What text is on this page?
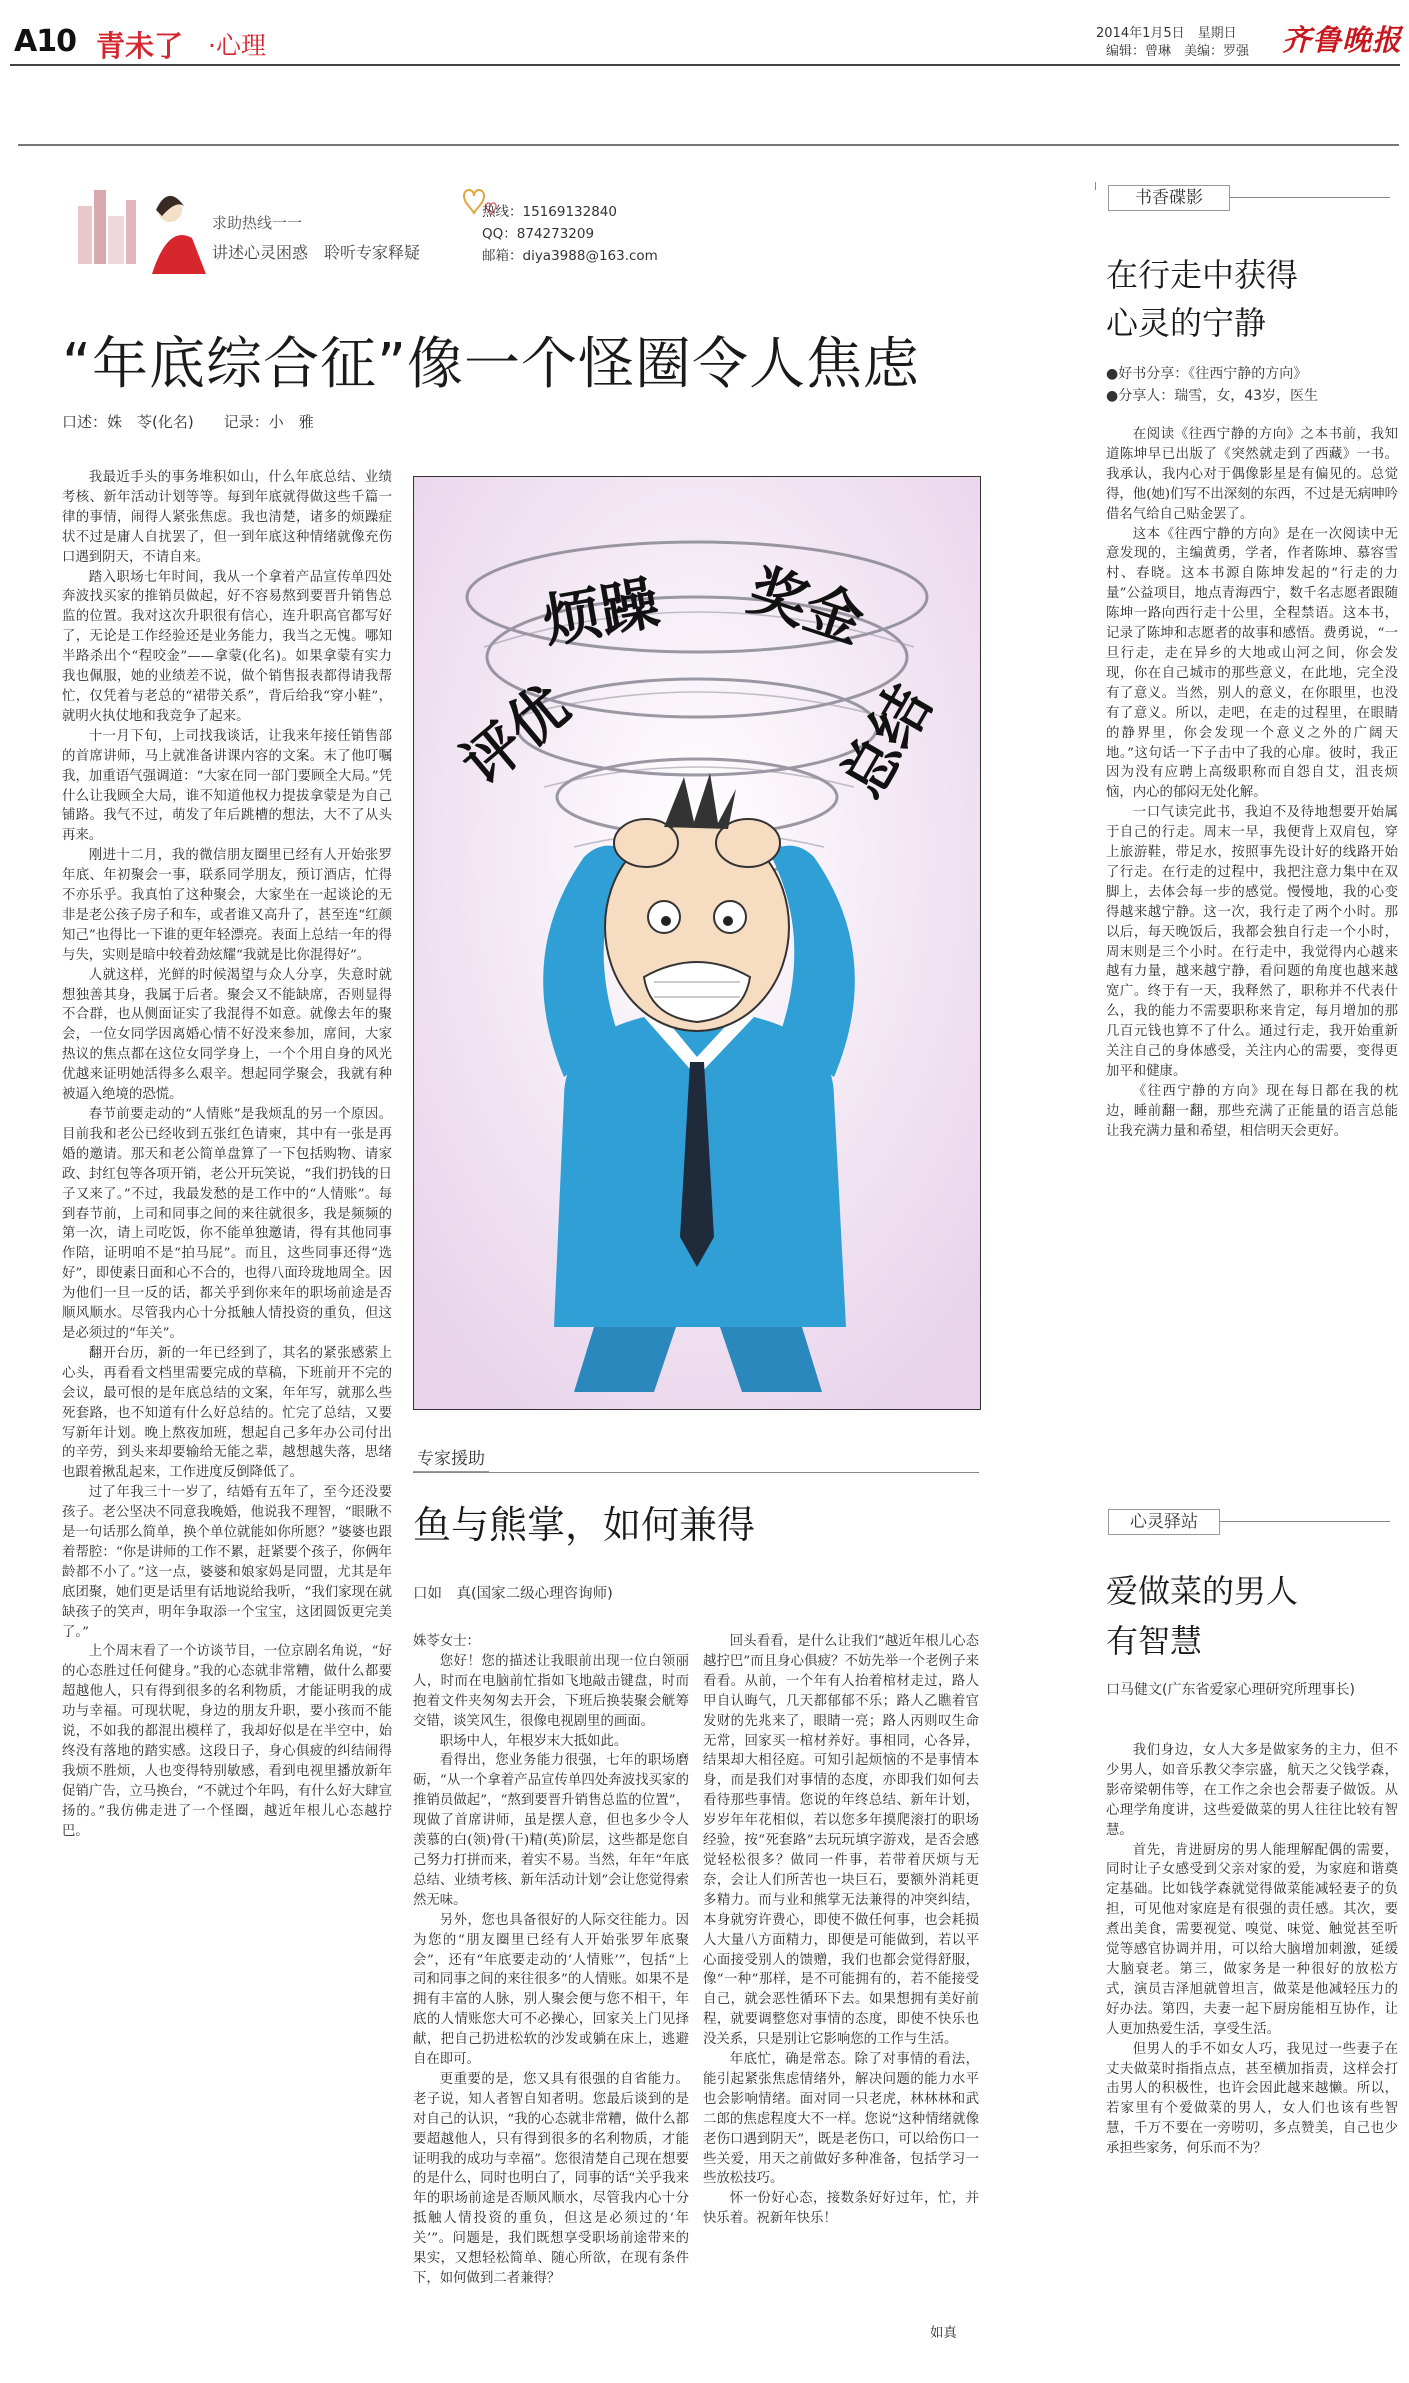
A10 青未了 ·心理	2014年1月5日　星期日
编辑：曾琳　美编：罗强 齐鲁晚报
求助热线一一
讲述心灵困惑　聆听专家释疑
热线：15169132840
QQ：874273209
邮箱：diya3988@163.com
“年底综合征”像一个怪圈令人焦虑
口述：姝　苓(化名)　　记录：小　雅

我最近手头的事务堆积如山，什么年底总结、业绩考核、新年活动计划等等。每到年底就得做这些千篇一律的事情，闹得人紧张焦虑。我也清楚，诸多的烦躁症状不过是庸人自扰罢了，但一到年底这种情绪就像充伤口遇到阴天，不请自来。

踏入职场七年时间，我从一个拿着产品宣传单四处奔波找买家的推销员做起，好不容易熬到要晋升销售总监的位置。我对这次升职很有信心，连升职高官都写好了，无论是工作经验还是业务能力，我当之无愧。哪知半路杀出个“程咬金”——拿蒙(化名)。如果拿蒙有实力我也佩服，她的业绩差不说，做个销售报表都得请我帮忙，仅凭着与老总的“裙带关系”，背后给我“穿小鞋”，就明火执仗地和我竞争了起来。

十一月下旬，上司找我谈话，让我来年接任销售部的首席讲师，马上就准备讲课内容的文案。末了他叮嘱我，加重语气强调道：“大家在同一部门要顾全大局。”凭什么让我顾全大局，谁不知道他权力提拔拿蒙是为自己铺路。我气不过，萌发了年后跳槽的想法，大不了从头再来。

刚进十二月，我的微信朋友圈里已经有人开始张罗年底、年初聚会一事，联系同学朋友，预订酒店，忙得不亦乐乎。我真怕了这种聚会，大家坐在一起谈论的无非是老公孩子房子和车，或者谁又高升了，甚至连“红颜知己”也得比一下谁的更年轻漂亮。表面上总结一年的得与失，实则是暗中较着劲炫耀“我就是比你混得好”。

人就这样，光鲜的时候渴望与众人分享，失意时就想独善其身，我属于后者。聚会又不能缺席，否则显得不合群，也从侧面证实了我混得不如意。就像去年的聚会，一位女同学因离婚心情不好没来参加，席间，大家热议的焦点都在这位女同学身上，一个个用自身的风光优越来证明她活得多么艰辛。想起同学聚会，我就有种被逼入绝境的恐慌。

春节前要走动的“人情账”是我烦乱的另一个原因。目前我和老公已经收到五张红色请柬，其中有一张是再婚的邀请。那天和老公简单盘算了一下包括购物、请家政、封红包等各项开销，老公开玩笑说，“我们扔钱的日子又来了。”不过，我最发愁的是工作中的“人情账”。每到春节前，上司和同事之间的来往就很多，我是频频的第一次，请上司吃饭，你不能单独邀请，得有其他同事作陪，证明咱不是“拍马屁”。而且，这些同事还得“选好”，即使素日面和心不合的，也得八面玲珑地周全。因为他们一旦一反的话，都关乎到你来年的职场前途是否顺风顺水。尽管我内心十分抵触人情投资的重负，但这是必须过的“年关”。

翻开台历，新的一年已经到了，其名的紧张感萦上心头，再看看文档里需要完成的草稿，下班前开不完的会议，最可恨的是年底总结的文案，年年写，就那么些死套路，也不知道有什么好总结的。忙完了总结，又要写新年计划。晚上熬夜加班，想起自己多年办公司付出的辛劳，到头来却要输给无能之辈，越想越失落，思绪也跟着揪乱起来，工作进度反倒降低了。

过了年我三十一岁了，结婚有五年了，至今还没要孩子。老公坚决不同意我晚婚，他说我不理智，“眼瞅不是一句话那么简单，换个单位就能如你所愿？”婆婆也跟着帮腔：“你是讲师的工作不累，赶紧要个孩子，你俩年龄都不小了。”这一点，婆婆和娘家妈是同盟，尤其是年底团聚，她们更是话里有话地说给我听，“我们家现在就缺孩子的笑声，明年争取添一个宝宝，这团圆饭更完美了。”

上个周末看了一个访谈节目，一位京剧名角说，“好的心态胜过任何健身。”我的心态就非常糟，做什么都要超越他人，只有得到很多的名利物质，才能证明我的成功与幸福。可现状呢，身边的朋友升职，要小孩而不能说，不如我的都混出模样了，我却好似是在半空中，始终没有落地的踏实感。这段日子，身心俱疲的纠结闹得我烦不胜烦，人也变得特别敏感，看到电视里播放新年促销广告，立马换台，“不就过个年吗，有什么好大肆宣扬的。”我仿佛走进了一个怪圈，越近年根儿心态越拧巴。

烦躁 奖金
评优	总结
专家援助
鱼与熊掌，如何兼得
口如　真(国家二级心理咨询师)

姝苓女士：

您好！您的描述让我眼前出现一位白领丽人，时而在电脑前忙指如飞地敲击键盘，时而抱着文件夹匆匆去开会，下班后换装聚会觥筹交错，谈笑风生，很像电视剧里的画面。

职场中人，年根岁末大抵如此。

看得出，您业务能力很强，七年的职场磨砺，“从一个拿着产品宣传单四处奔波找买家的推销员做起”，“熬到要晋升销售总监的位置”，现做了首席讲师，虽是摆人意，但也多少令人羡慕的白(领)骨(干)精(英)阶层，这些都是您自己努力打拼而来，着实不易。当然，年年“年底总结、业绩考核、新年活动计划”会让您觉得索然无味。

另外，您也具备很好的人际交往能力。因为您的“朋友圈里已经有人开始张罗年底聚会”，还有“年底要走动的‘人情账’”，包括“上司和同事之间的来往很多”的人情账。如果不是拥有丰富的人脉，别人聚会便与您不相干，年底的人情账您大可不必操心，回家关上门见择献，把自己扔进松软的沙发或躺在床上，逃避自在即可。

更重要的是，您又具有很强的自省能力。老子说，知人者智自知者明。您最后谈到的是对自己的认识，“我的心态就非常糟，做什么都要超越他人，只有得到很多的名利物质，才能证明我的成功与幸福”。您很清楚自己现在想要的是什么，同时也明白了，同事的话“关乎我来年的职场前途是否顺风顺水，尽管我内心十分抵触人情投资的重负，但这是必须过的‘年关’”。问题是，我们既想享受职场前途带来的果实，又想轻松简单、随心所欲，在现有条件下，如何做到二者兼得？

回头看看，是什么让我们“越近年根儿心态越拧巴”而且身心俱疲？不妨先举一个老例子来看看。从前，一个年有人抬着棺材走过，路人甲自认晦气，几天都郁郁不乐；路人乙瞧着官发财的先兆来了，眼睛一亮；路人丙则叹生命无常，回家买一棺材养好。事相同，心各异，结果却大相径庭。可知引起烦恼的不是事情本身，而是我们对事情的态度，亦即我们如何去看待那些事情。您说的年终总结、新年计划，岁岁年年花相似，若以您多年摸爬滚打的职场经验，按“死套路”去玩玩填字游戏，是否会感觉轻松很多？做同一件事，若带着厌烦与无奈，会让人们所苦也一块巨石，要额外消耗更多精力。而与业和熊掌无法兼得的冲突纠结，本身就穷许费心，即使不做任何事，也会耗损人大量八方面精力，即便是可能做到，若以平心面接受别人的馈赠，我们也都会觉得舒服，像“一种”那样，是不可能拥有的，若不能接受自己，就会恶性循环下去。如果想拥有美好前程，就要调整您对事情的态度，即使不快乐也没关系，只是别让它影响您的工作与生活。

年底忙，确是常态。除了对事情的看法，能引起紧张焦虑情绪外，解决问题的能力水平也会影响情绪。面对同一只老虎，林林林和武二郎的焦虑程度大不一样。您说“这种情绪就像老伤口遇到阴天”，既是老伤口，可以给伤口一些关爱，用天之前做好多种准备，包括学习一些放松技巧。

怀一份好心态，接数条好好过年，忙，并快乐着。祝新年快乐！

如真
书香碟影
在行走中获得
心灵的宁静
●好书分享：《往西宁静的方向》
●分享人：瑞雪，女，43岁，医生

在阅读《往西宁静的方向》之本书前，我知道陈坤早已出版了《突然就走到了西藏》一书。我承认，我内心对于偶像影星是有偏见的。总觉得，他(她)们写不出深刻的东西，不过是无病呻吟借名气给自己贴金罢了。

这本《往西宁静的方向》是在一次阅读中无意发现的，主编黄勇，学者，作者陈坤、慕容雪村、春晓。这本书源自陈坤发起的“行走的力量”公益项目，地点青海西宁，数千名志愿者跟随陈坤一路向西行走十公里，全程禁语。这本书，记录了陈坤和志愿者的故事和感悟。费勇说，“一旦行走，走在异乡的大地或山河之间，你会发现，你在自己城市的那些意义，在此地，完全没有了意义。当然，别人的意义，在你眼里，也没有了意义。所以，走吧，在走的过程里，在眼睛的静界里，你会发现一个意义之外的广阔天地。”这句话一下子击中了我的心扉。彼时，我正因为没有应聘上高级职称而自怨自艾，沮丧烦恼，内心的郁闷无处化解。

一口气读完此书，我迫不及待地想要开始属于自己的行走。周末一早，我便背上双肩包，穿上旅游鞋，带足水，按照事先设计好的线路开始了行走。在行走的过程中，我把注意力集中在双脚上，去体会每一步的感觉。慢慢地，我的心变得越来越宁静。这一次，我行走了两个小时。那以后，每天晚饭后，我都会独自行走一个小时，周末则是三个小时。在行走中，我觉得内心越来越有力量，越来越宁静，看问题的角度也越来越宽广。终于有一天，我释然了，职称并不代表什么，我的能力不需要职称来肯定，每月增加的那几百元钱也算不了什么。通过行走，我开始重新关注自己的身体感受，关注内心的需要，变得更加平和健康。

《往西宁静的方向》现在每日都在我的枕边，睡前翻一翻，那些充满了正能量的语言总能让我充满力量和希望，相信明天会更好。

心灵驿站
爱做菜的男人
有智慧
口马健文(广东省爱家心理研究所理事长)

我们身边，女人大多是做家务的主力，但不少男人，如音乐教父李宗盛，航天之父钱学森，影帝梁朝伟等，在工作之余也会帮妻子做饭。从心理学角度讲，这些爱做菜的男人往往比较有智慧。

首先，肯进厨房的男人能理解配偶的需要，同时让子女感受到父亲对家的爱，为家庭和谐奠定基础。比如钱学森就觉得做菜能减轻妻子的负担，可见他对家庭是有很强的责任感。其次，要煮出美食，需要视觉、嗅觉、味觉、触觉甚至听觉等感官协调并用，可以给大脑增加刺激，延缓大脑衰老。第三，做家务是一种很好的放松方式，演员吉泽旭就曾坦言，做菜是他减轻压力的好办法。第四，夫妻一起下厨房能相互协作，让人更加热爱生活，享受生活。

但男人的手不如女人巧，我见过一些妻子在丈夫做菜时指指点点，甚至横加指责，这样会打击男人的积极性，也许会因此越来越懒。所以，若家里有个爱做菜的男人，女人们也该有些智慧，千万不要在一旁唠叨，多点赞美，自己也少承担些家务，何乐而不为？
